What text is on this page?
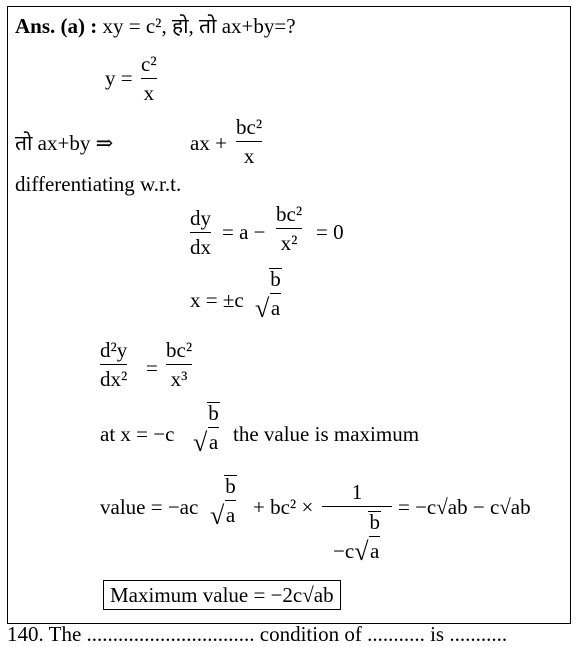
Ans. (a) : xy = c², हो, तो ax+by=?
y =
c²
x
तो ax+by ⇒	ax +
bc²
x
differentiating w.r.t.
dy
dx
= a −
bc²
x² = 0
x = ±c √ $\frac{b}{a}$
d²y
dx² =
bc²
x³
at x = −c √ $\frac{b}{a}$ the value is maximum
value = −ac √ $\frac{b}{a} + bc^2$ ×
1
$-c√ \frac{b}{a}$
= −c√ab − c√ab
Maximum value = −2c√ab
140. The ................................ condition of ........... is ...........
